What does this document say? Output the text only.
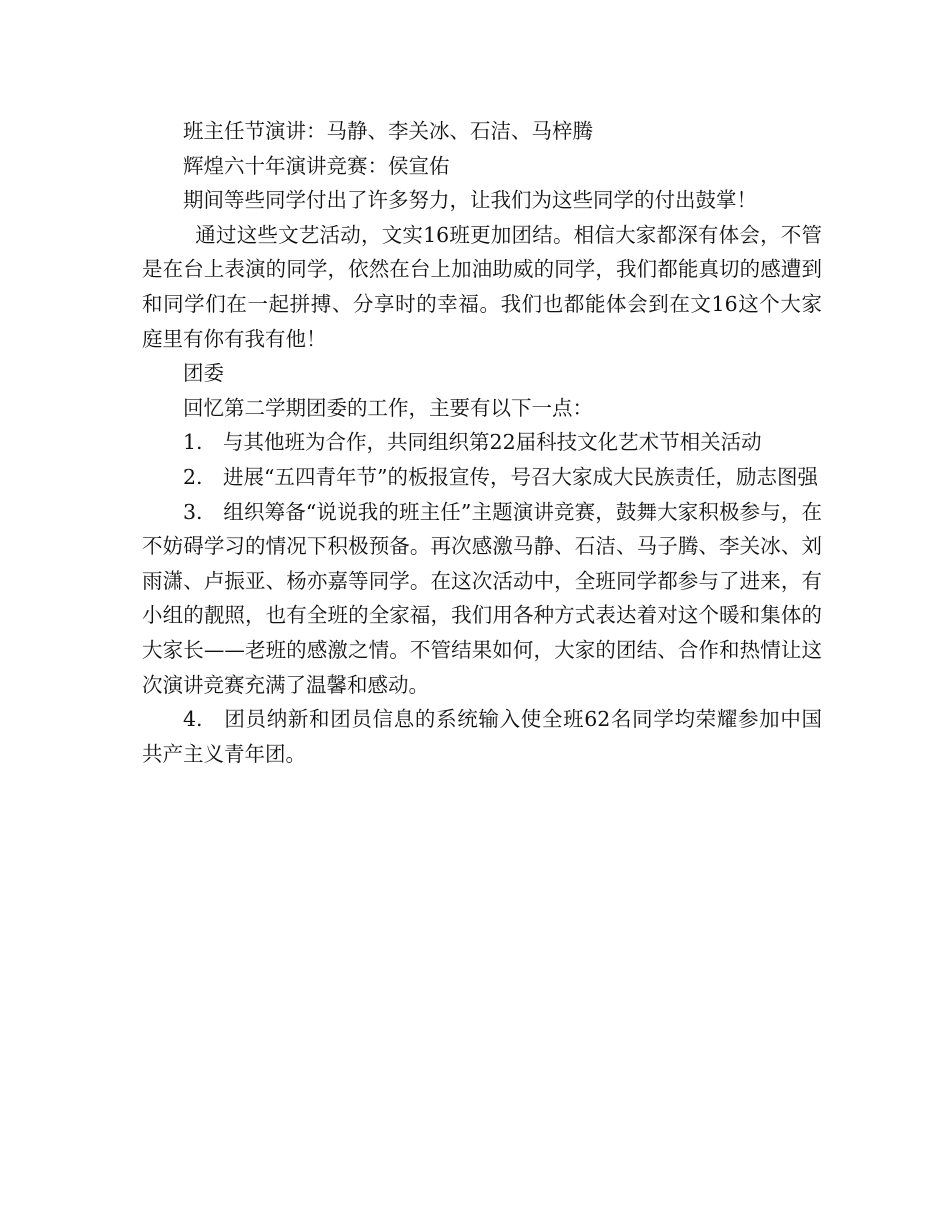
班主任节演讲：马静、李关冰、石洁、马梓腾

辉煌六十年演讲竞赛：侯宣佑

期间等些同学付出了许多努力，让我们为这些同学的付出鼓掌！

通过这些文艺活动，文实16班更加团结。相信大家都深有体会，不管是在台上表演的同学，依然在台上加油助威的同学，我们都能真切的感遭到和同学们在一起拼搏、分享时的幸福。我们也都能体会到在文16这个大家庭里有你有我有他！

团委

回忆第二学期团委的工作，主要有以下一点：

1.　与其他班为合作，共同组织第22届科技文化艺术节相关活动

2.　进展“五四青年节”的板报宣传，号召大家成大民族责任，励志图强

3.　组织筹备“说说我的班主任”主题演讲竞赛，鼓舞大家积极参与，在不妨碍学习的情况下积极预备。再次感激马静、石洁、马子腾、李关冰、刘雨潇、卢振亚、杨亦嘉等同学。在这次活动中，全班同学都参与了进来，有小组的靓照，也有全班的全家福，我们用各种方式表达着对这个暖和集体的大家长——老班的感激之情。不管结果如何，大家的团结、合作和热情让这次演讲竞赛充满了温馨和感动。

4.　团员纳新和团员信息的系统输入使全班62名同学均荣耀参加中国共产主义青年团。
